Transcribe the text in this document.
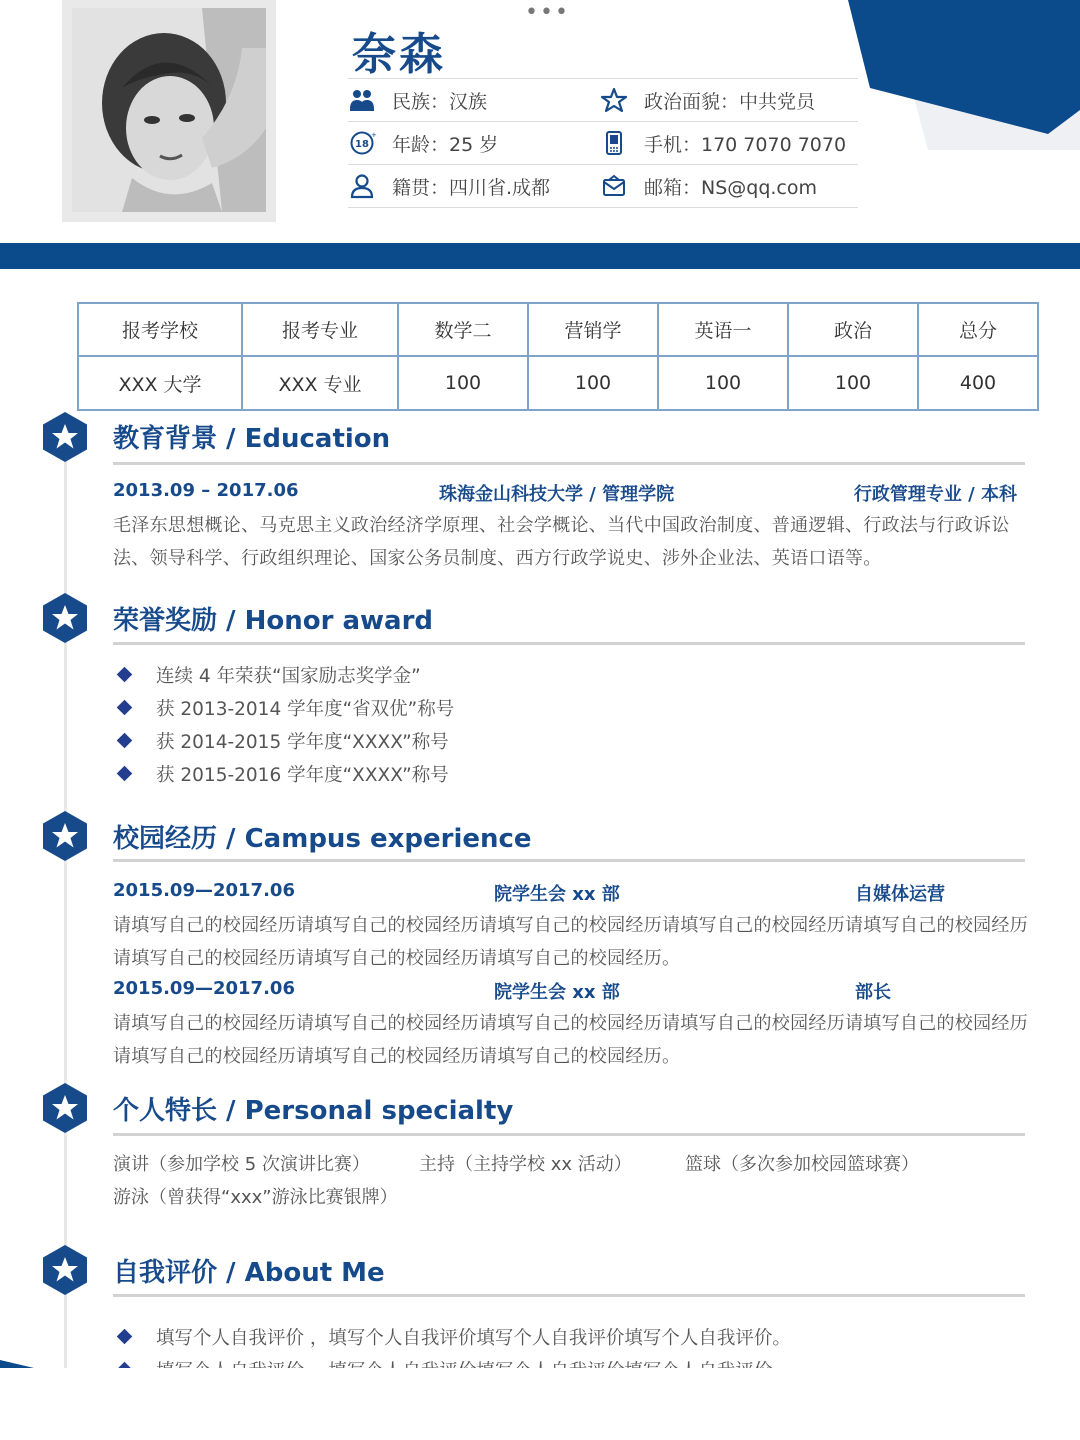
•••
奈森
民族：汉族	政治面貌：中共党员
18
+ 年龄：25 岁	手机：170 7070 7070
籍贯：四川省.成都	邮箱：NS@qq.com
报考学校	报考专业	数学二	营销学	英语一	政治	总分
XXX 大学	XXX 专业	100	100	100	100	400
教育背景 / Education
2013.09 – 2017.06	珠海金山科技大学 / 管理学院	行政管理专业 / 本科
毛泽东思想概论、马克思主义政治经济学原理、社会学概论、当代中国政治制度、普通逻辑、行政法与行政诉讼法、领导科学、行政组织理论、国家公务员制度、西方行政学说史、涉外企业法、英语口语等。
荣誉奖励 / Honor award
连续 4 年荣获“国家励志奖学金”
获 2013-2014 学年度“省双优”称号
获 2014-2015 学年度“XXXX”称号
获 2015-2016 学年度“XXXX”称号
校园经历 / Campus experience
2015.09—2017.06	院学生会 xx 部	自媒体运营
请填写自己的校园经历请填写自己的校园经历请填写自己的校园经历请填写自己的校园经历请填写自己的校园经历请填写自己的校园经历请填写自己的校园经历请填写自己的校园经历。
2015.09—2017.06	院学生会 xx 部	部长
请填写自己的校园经历请填写自己的校园经历请填写自己的校园经历请填写自己的校园经历请填写自己的校园经历请填写自己的校园经历请填写自己的校园经历请填写自己的校园经历。
个人特长 / Personal specialty
演讲（参加学校 5 次演讲比赛）	主持（主持学校 xx 活动）	篮球（多次参加校园篮球赛）
游泳（曾获得“xxx”游泳比赛银牌）
自我评价 / About Me
填写个人自我评价 ，填写个人自我评价填写个人自我评价填写个人自我评价。
